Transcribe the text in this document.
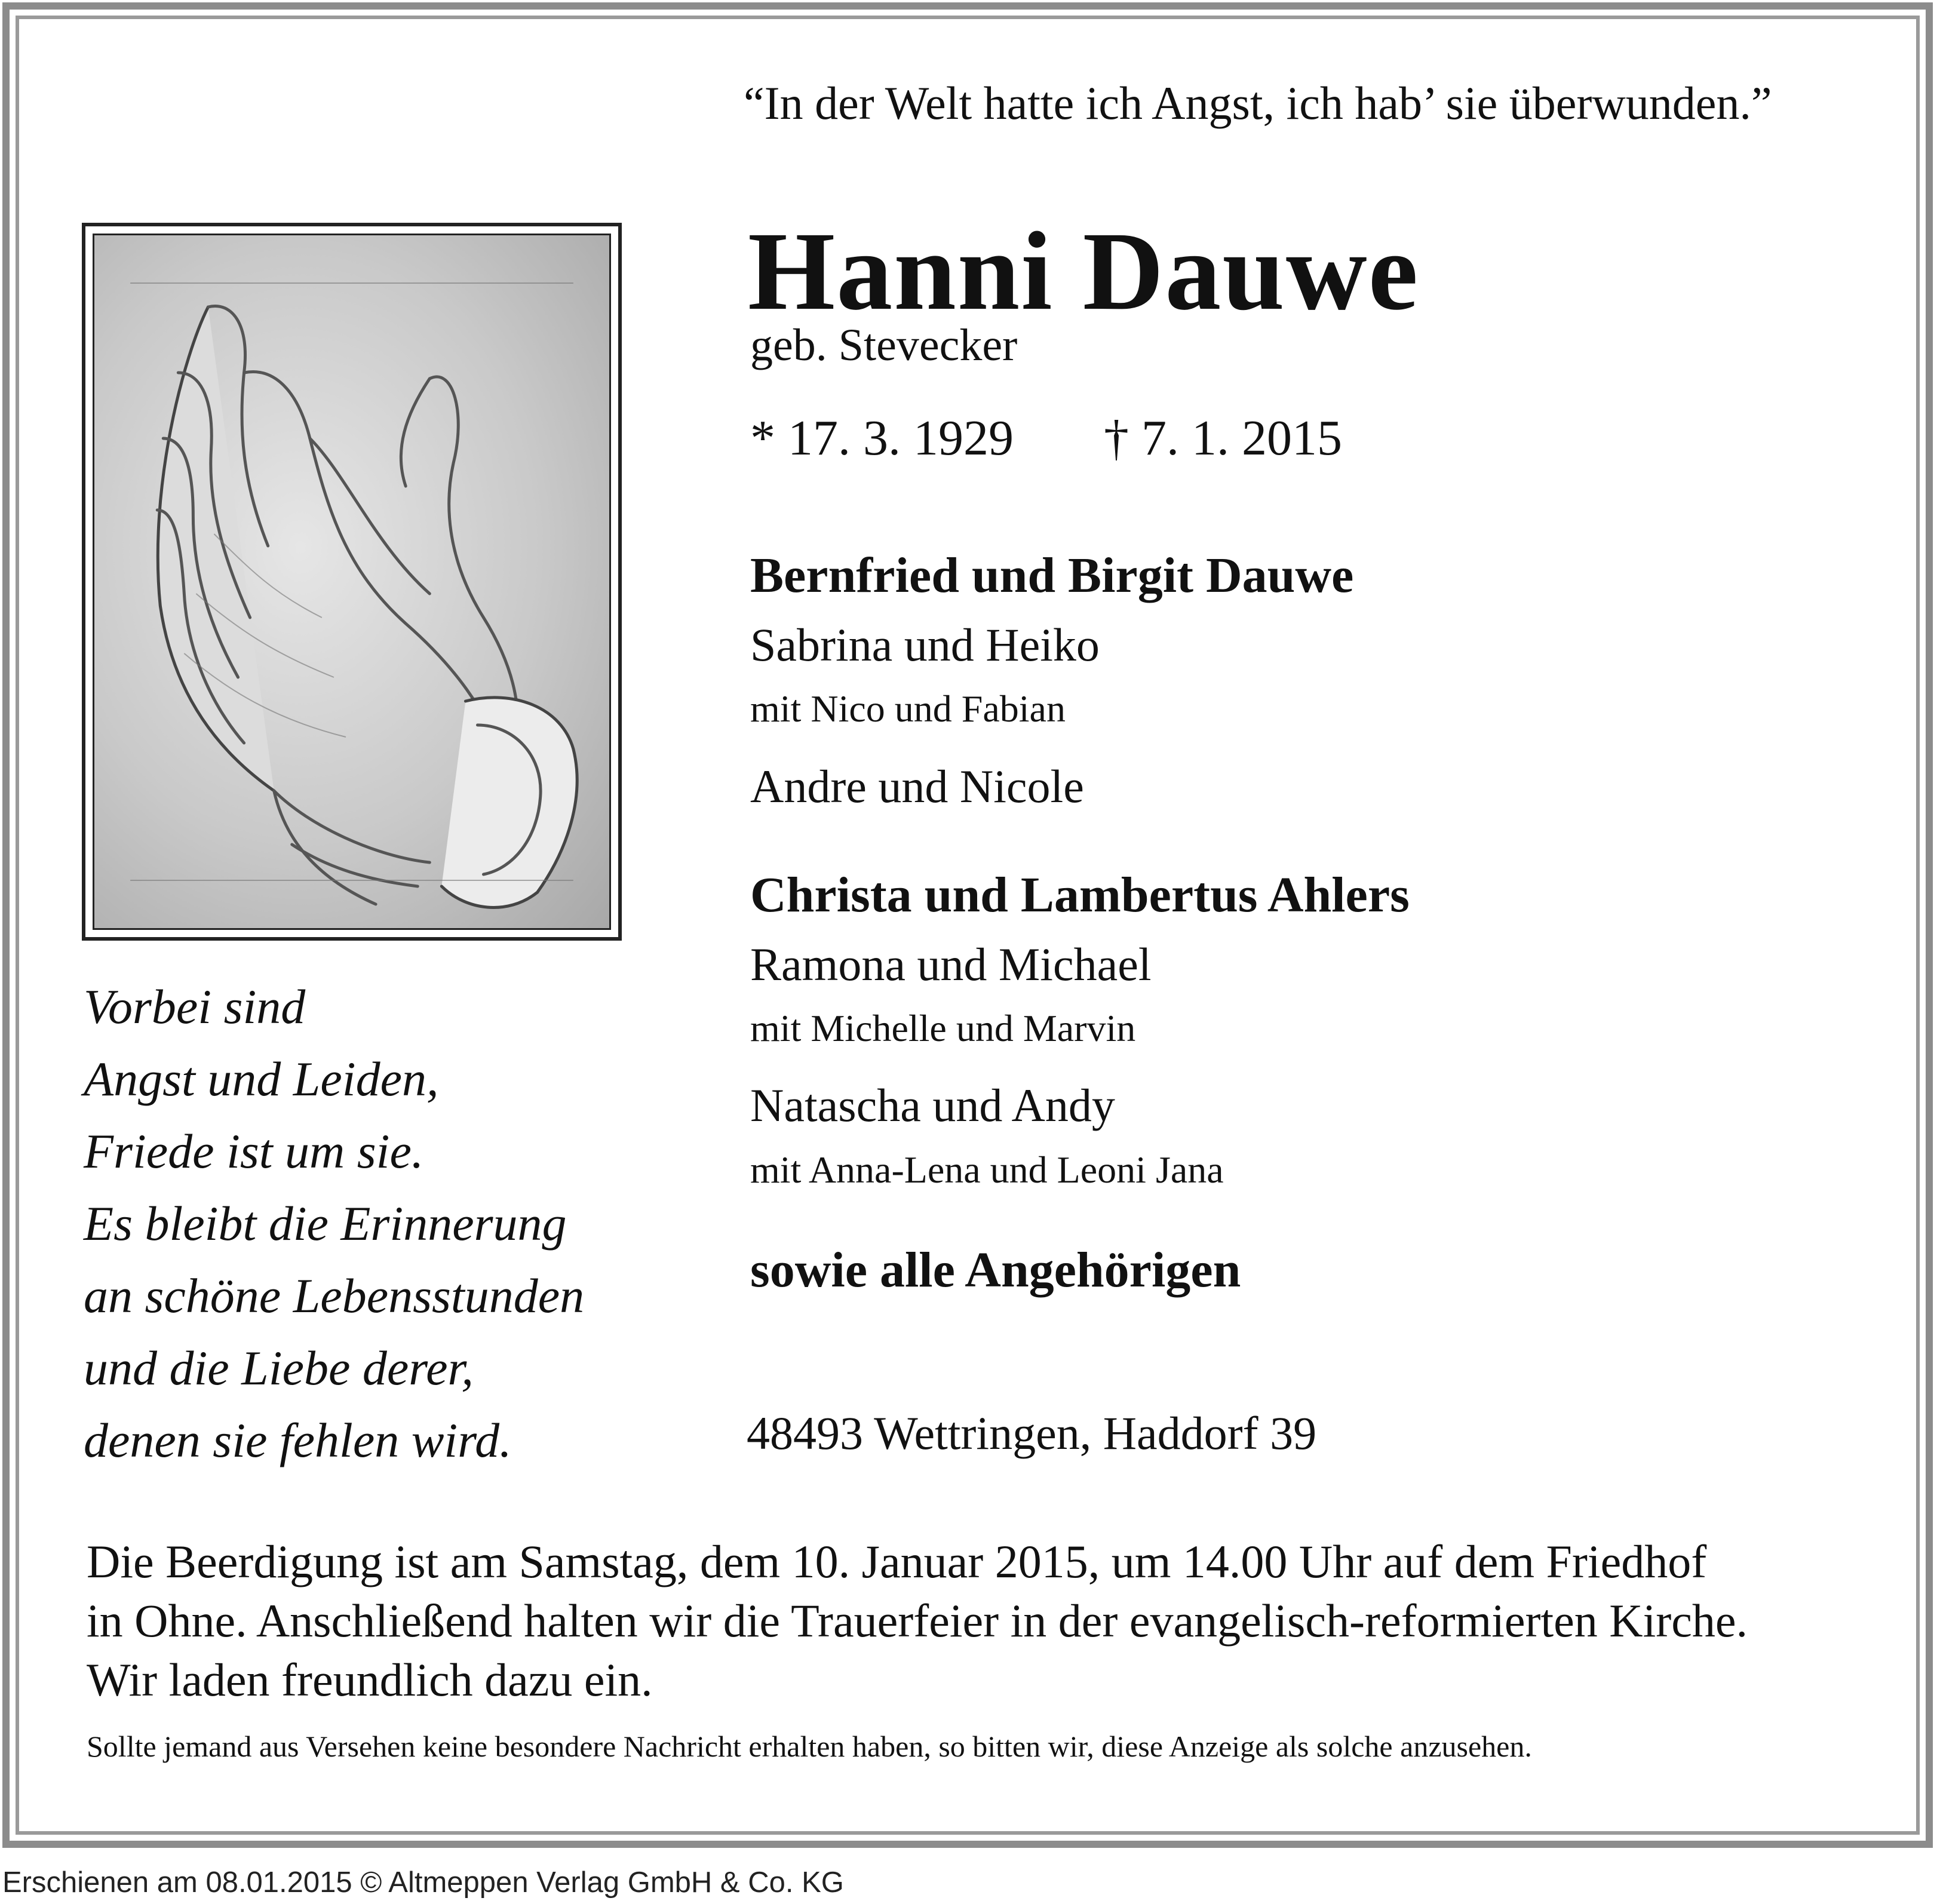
“In der Welt hatte ich Angst, ich hab’ sie überwunden.”
Hanni Dauwe
geb. Stevecker
* 17. 3. 1929 † 7. 1. 2015
Bernfried und Birgit Dauwe
Sabrina und Heiko
mit Nico und Fabian
Andre und Nicole
Christa und Lambertus Ahlers
Ramona und Michael
mit Michelle und Marvin
Natascha und Andy
mit Anna-Lena und Leoni Jana
sowie alle Angehörigen
Vorbei sind
Angst und Leiden,
Friede ist um sie.
Es bleibt die Erinnerung
an schöne Lebensstunden
und die Liebe derer,
denen sie fehlen wird.	48493 Wettringen, Haddorf 39
Die Beerdigung ist am Samstag, dem 10. Januar 2015, um 14.00 Uhr auf dem Friedhof
in Ohne. Anschließend halten wir die Trauerfeier in der evangelisch-reformierten Kirche.
Wir laden freundlich dazu ein.
Sollte jemand aus Versehen keine besondere Nachricht erhalten haben, so bitten wir, diese Anzeige als solche anzusehen.
Erschienen am 08.01.2015 © Altmeppen Verlag GmbH & Co. KG
